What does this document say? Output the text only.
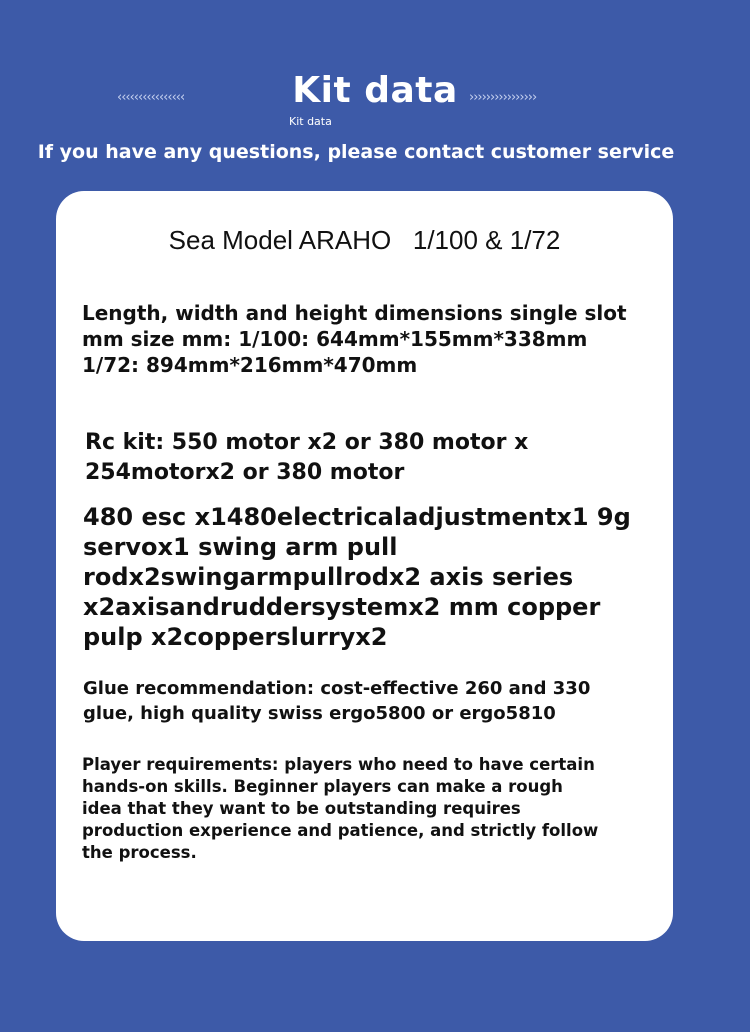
‹‹‹‹‹‹‹‹‹‹‹‹‹‹‹‹	Kit data ››››››››››››››››
Kit data
If you have any questions, please contact customer service
Sea Model ARAHO   1/100 & 1/72
Length, width and height dimensions single slot
mm size mm: 1/100: 644mm*155mm*338mm
1/72: 894mm*216mm*470mm
Rc kit: 550 motor x2 or 380 motor x
254motorx2 or 380 motor
480 esc x1480electricaladjustmentx1 9g
servox1 swing arm pull
rodx2swingarmpullrodx2 axis series
x2axisandruddersystemx2 mm copper
pulp x2copperslurryx2
Glue recommendation: cost-effective 260 and 330
glue, high quality swiss ergo5800 or ergo5810
Player requirements: players who need to have certain
hands-on skills. Beginner players can make a rough
idea that they want to be outstanding requires
production experience and patience, and strictly follow
the process.
